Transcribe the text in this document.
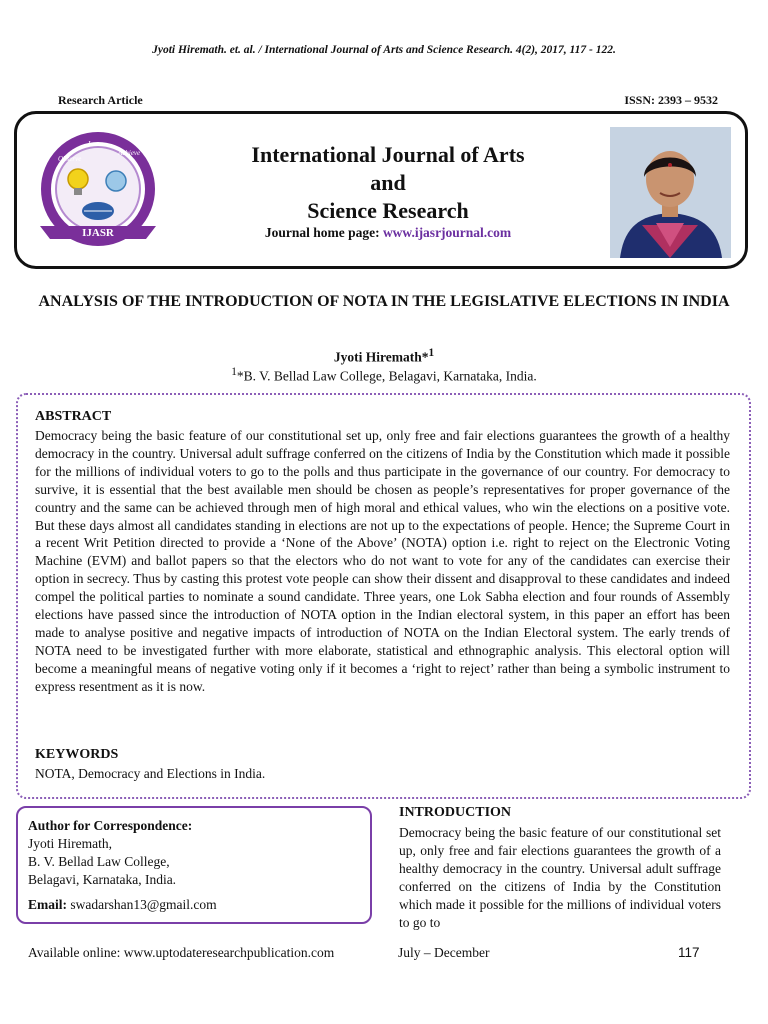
Jyoti Hiremath. et. al. / International Journal of Arts and Science Research. 4(2), 2017, 117 - 122.
Research Article	ISSN: 2393 – 9532
IJASR
Observe
Learn
Achieve	International Journal of Arts
and
Science Research
Journal home page: www.ijasrjournal.com
ANALYSIS OF THE INTRODUCTION OF NOTA IN THE LEGISLATIVE ELECTIONS IN INDIA
Jyoti Hiremath*$^1$
$^1$*B. V. Bellad Law College, Belagavi, Karnataka, India.
ABSTRACT
Democracy being the basic feature of our constitutional set up, only free and fair elections guarantees the growth of a healthy democracy in the country. Universal adult suffrage conferred on the citizens of India by the Constitution which made it possible for the millions of individual voters to go to the polls and thus participate in the governance of our country. For democracy to survive, it is essential that the best available men should be chosen as people’s representatives for proper governance of the country and the same can be achieved through men of high moral and ethical values, who win the elections on a positive vote. But these days almost all candidates standing in elections are not up to the expectations of people. Hence; the Supreme Court in a recent Writ Petition directed to provide a ‘None of the Above’ (NOTA) option i.e. right to reject on the Electronic Voting Machine (EVM) and ballot papers so that the electors who do not want to vote for any of the candidates can exercise their option in secrecy. Thus by casting this protest vote people can show their dissent and disapproval to these candidates and indeed compel the political parties to nominate a sound candidate. Three years, one Lok Sabha election and four rounds of Assembly elections have passed since the introduction of NOTA option in the Indian electoral system, in this paper an effort has been made to analyse positive and negative impacts of introduction of NOTA on the Indian Electoral system. The early trends of NOTA need to be investigated further with more elaborate, statistical and ethnographic analysis. This electoral option will become a meaningful means of negative voting only if it becomes a ‘right to reject’ rather than being a symbolic instrument to express resentment as it is now.
KEYWORDS
NOTA, Democracy and Elections in India.
Author for Correspondence:
Jyoti Hiremath,
B. V. Bellad Law College,
Belagavi, Karnataka, India.
Email: swadarshan13@gmail.com
INTRODUCTION
Democracy being the basic feature of our constitutional set up, only free and fair elections guarantees the growth of a healthy democracy in the country. Universal adult suffrage conferred on the citizens of India by the Constitution which made it possible for the millions of individual voters to go to
Available online: www.uptodateresearchpublication.com	July – December	117
